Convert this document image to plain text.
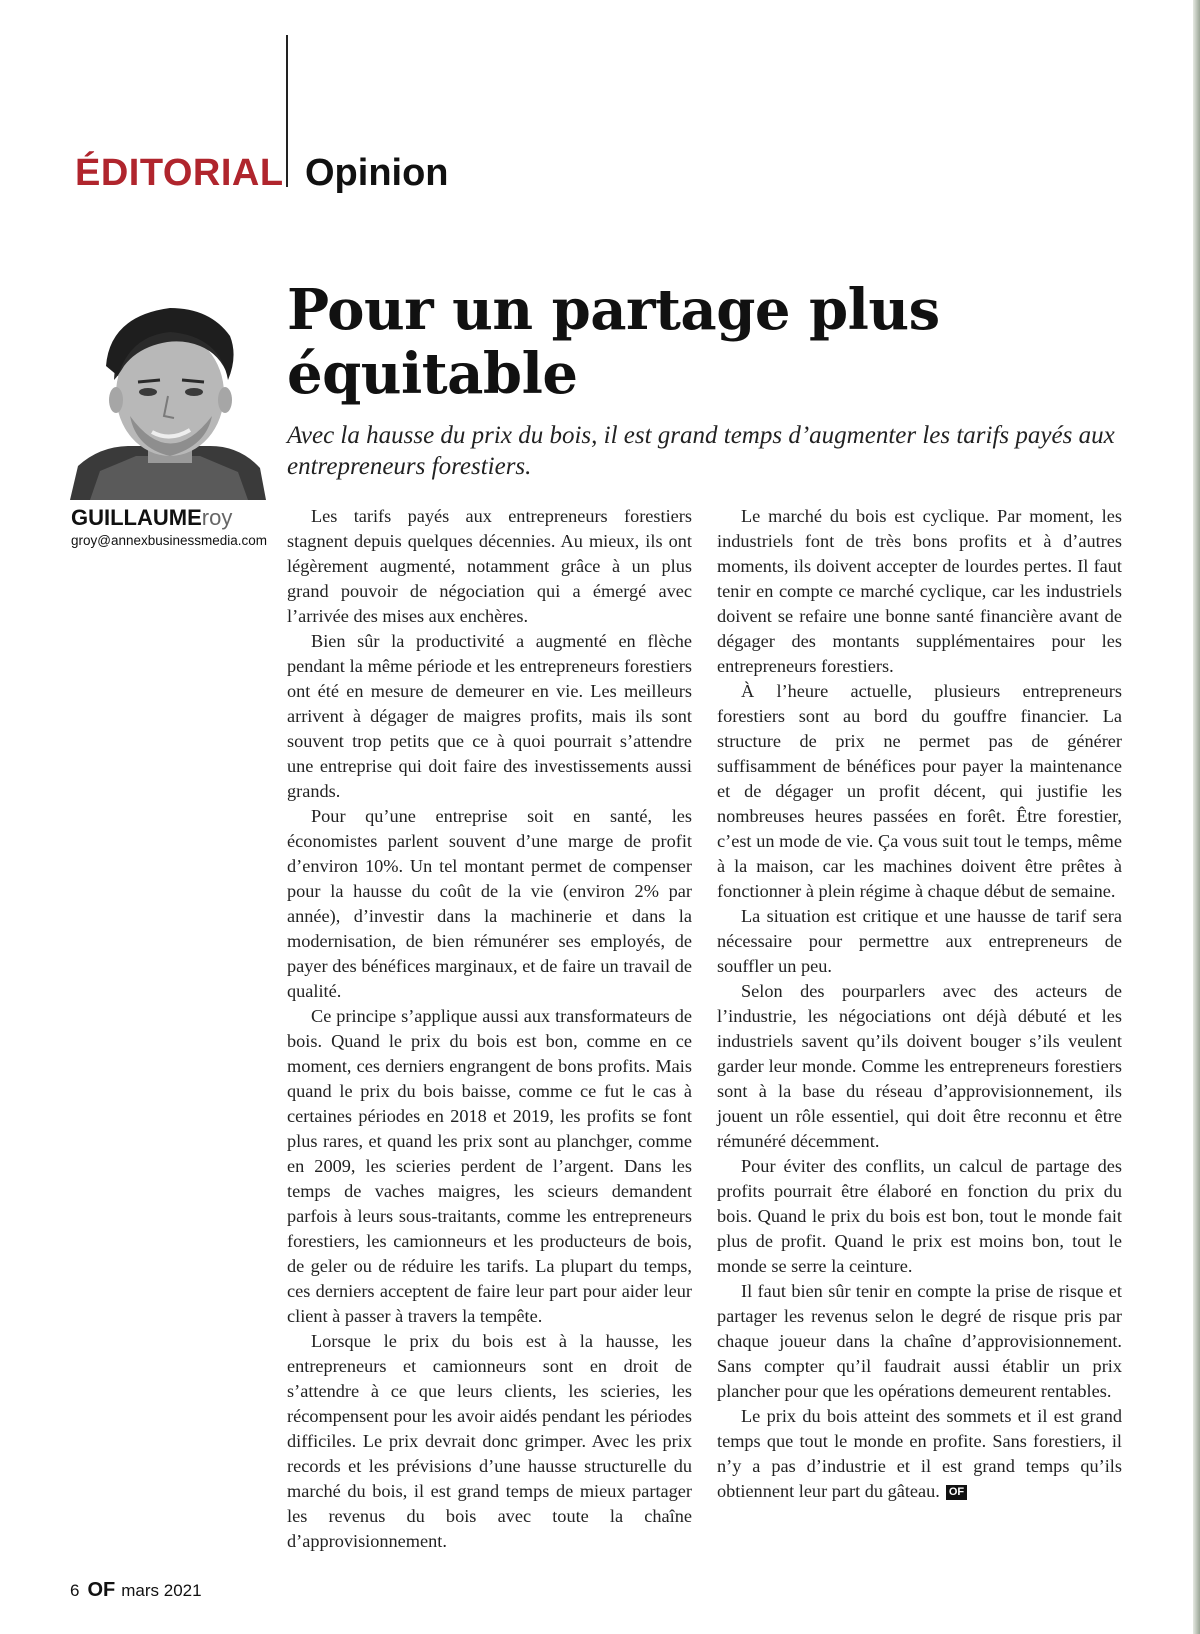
ÉDITORIAL Opinion
GUILLAUMEroy
groy@annexbusinessmedia.com
Pour un partage plus équitable

Avec la hausse du prix du bois, il est grand temps d’augmenter les tarifs payés aux entrepreneurs forestiers.

Les tarifs payés aux entrepreneurs forestiers stagnent depuis quelques décennies. Au mieux, ils ont légèrement augmenté, notamment grâce à un plus grand pouvoir de négociation qui a émergé avec l’arrivée des mises aux enchères.

Bien sûr la productivité a augmenté en flèche pendant la même période et les entrepreneurs forestiers ont été en mesure de demeurer en vie. Les meilleurs arrivent à dégager de maigres profits, mais ils sont souvent trop petits que ce à quoi pourrait s’attendre une entreprise qui doit faire des investissements aussi grands.

Pour qu’une entreprise soit en santé, les économistes parlent souvent d’une marge de profit d’environ 10%. Un tel montant permet de compenser pour la hausse du coût de la vie (environ 2% par année), d’investir dans la machinerie et dans la modernisation, de bien rémunérer ses employés, de payer des bénéfices marginaux, et de faire un travail de qualité.

Ce principe s’applique aussi aux transformateurs de bois. Quand le prix du bois est bon, comme en ce moment, ces derniers engrangent de bons profits. Mais quand le prix du bois baisse, comme ce fut le cas à certaines périodes en 2018 et 2019, les profits se font plus rares, et quand les prix sont au planchger, comme en 2009, les scieries perdent de l’argent. Dans les temps de vaches maigres, les scieurs demandent parfois à leurs sous-traitants, comme les entrepreneurs forestiers, les camionneurs et les producteurs de bois, de geler ou de réduire les tarifs. La plupart du temps, ces derniers acceptent de faire leur part pour aider leur client à passer à travers la tempête.

Lorsque le prix du bois est à la hausse, les entrepreneurs et camionneurs sont en droit de s’attendre à ce que leurs clients, les scieries, les récompensent pour les avoir aidés pendant les périodes difficiles. Le prix devrait donc grimper. Avec les prix records et les prévisions d’une hausse structurelle du marché du bois, il est grand temps de mieux partager les revenus du bois avec toute la chaîne d’approvisionnement.

Le marché du bois est cyclique. Par moment, les industriels font de très bons profits et à d’autres moments, ils doivent accepter de lourdes pertes. Il faut tenir en compte ce marché cyclique, car les industriels doivent se refaire une bonne santé financière avant de dégager des montants supplémentaires pour les entrepreneurs forestiers.

À l’heure actuelle, plusieurs entrepreneurs forestiers sont au bord du gouffre financier. La structure de prix ne permet pas de générer suffisamment de bénéfices pour payer la maintenance et de dégager un profit décent, qui justifie les nombreuses heures passées en forêt. Être forestier, c’est un mode de vie. Ça vous suit tout le temps, même à la maison, car les machines doivent être prêtes à fonctionner à plein régime à chaque début de semaine.

La situation est critique et une hausse de tarif sera nécessaire pour permettre aux entrepreneurs de souffler un peu.

Selon des pourparlers avec des acteurs de l’industrie, les négociations ont déjà débuté et les industriels savent qu’ils doivent bouger s’ils veulent garder leur monde. Comme les entrepreneurs forestiers sont à la base du réseau d’approvisionnement, ils jouent un rôle essentiel, qui doit être reconnu et être rémunéré décemment.

Pour éviter des conflits, un calcul de partage des profits pourrait être élaboré en fonction du prix du bois. Quand le prix du bois est bon, tout le monde fait plus de profit. Quand le prix est moins bon, tout le monde se serre la ceinture.

Il faut bien sûr tenir en compte la prise de risque et partager les revenus selon le degré de risque pris par chaque joueur dans la chaîne d’approvisionnement. Sans compter qu’il faudrait aussi établir un prix plancher pour que les opérations demeurent rentables.

Le prix du bois atteint des sommets et il est grand temps que tout le monde en profite. Sans forestiers, il n’y a pas d’industrie et il est grand temps qu’ils obtiennent leur part du gâteau. OF

6 OF mars 2021
